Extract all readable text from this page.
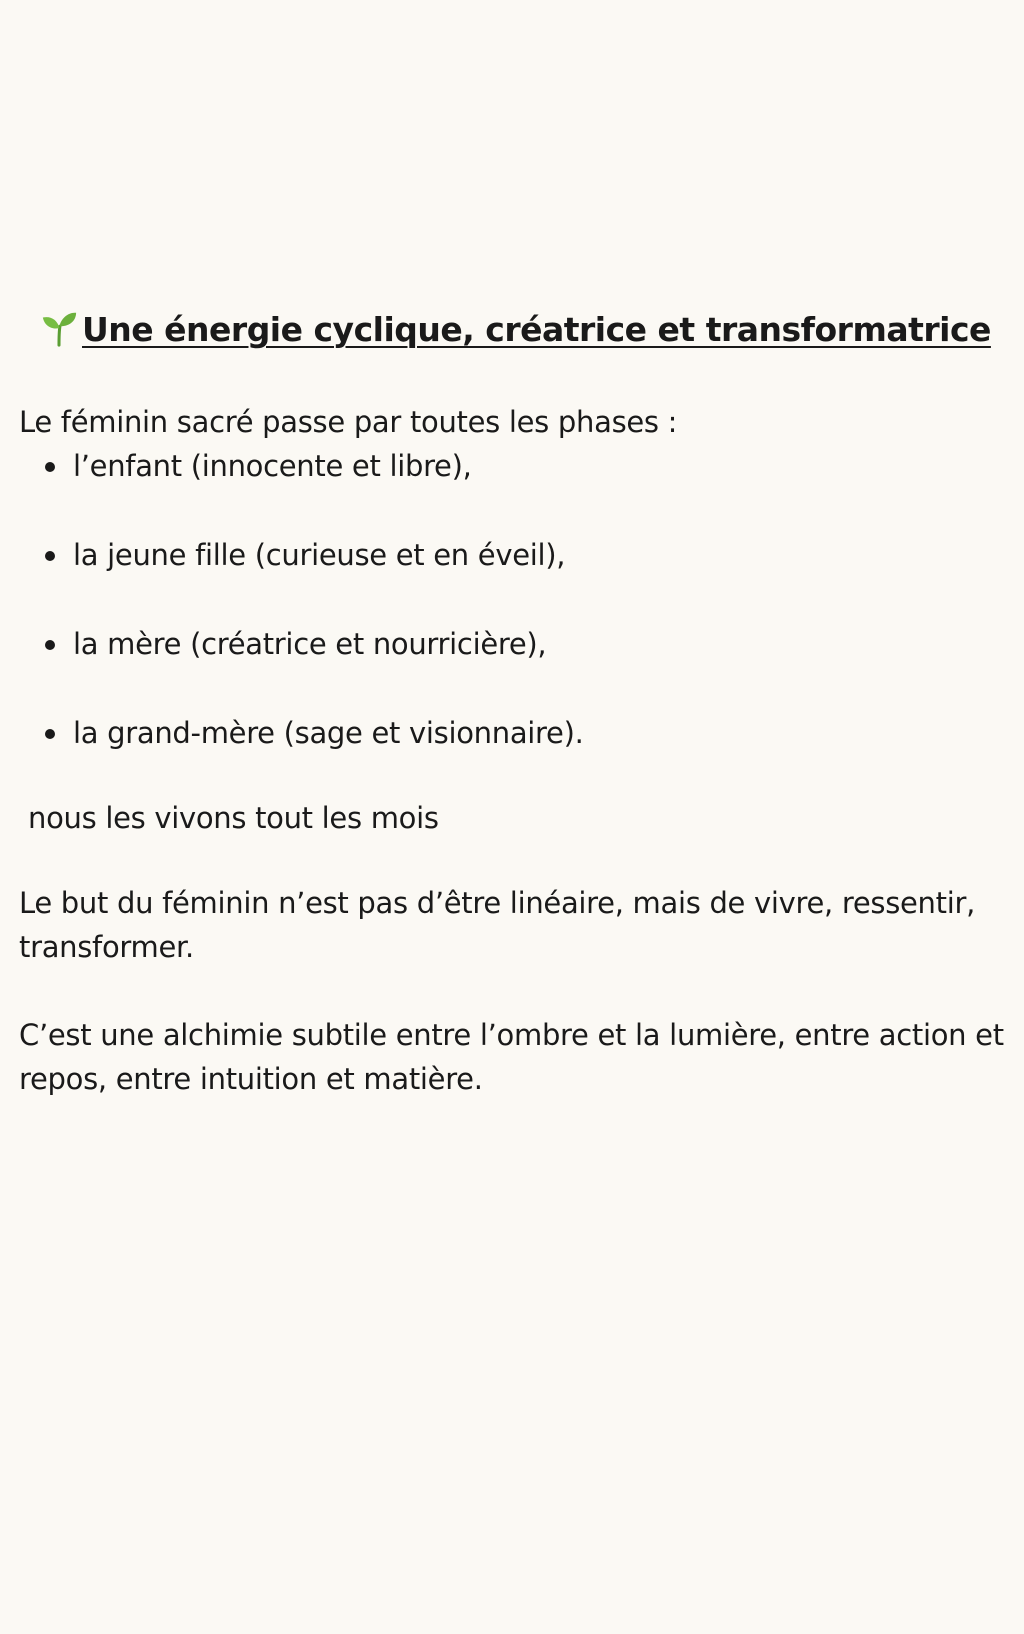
Une énergie cyclique, créatrice et transformatrice

Le féminin sacré passe par toutes les phases :

l’enfant (innocente et libre),
la jeune fille (curieuse et en éveil),
la mère (créatrice et nourricière),
la grand-mère (sage et visionnaire).

nous les vivons tout les mois

Le but du féminin n’est pas d’être linéaire, mais de vivre, ressentir, transformer.

C’est une alchimie subtile entre l’ombre et la lumière, entre action et repos, entre intuition et matière.
